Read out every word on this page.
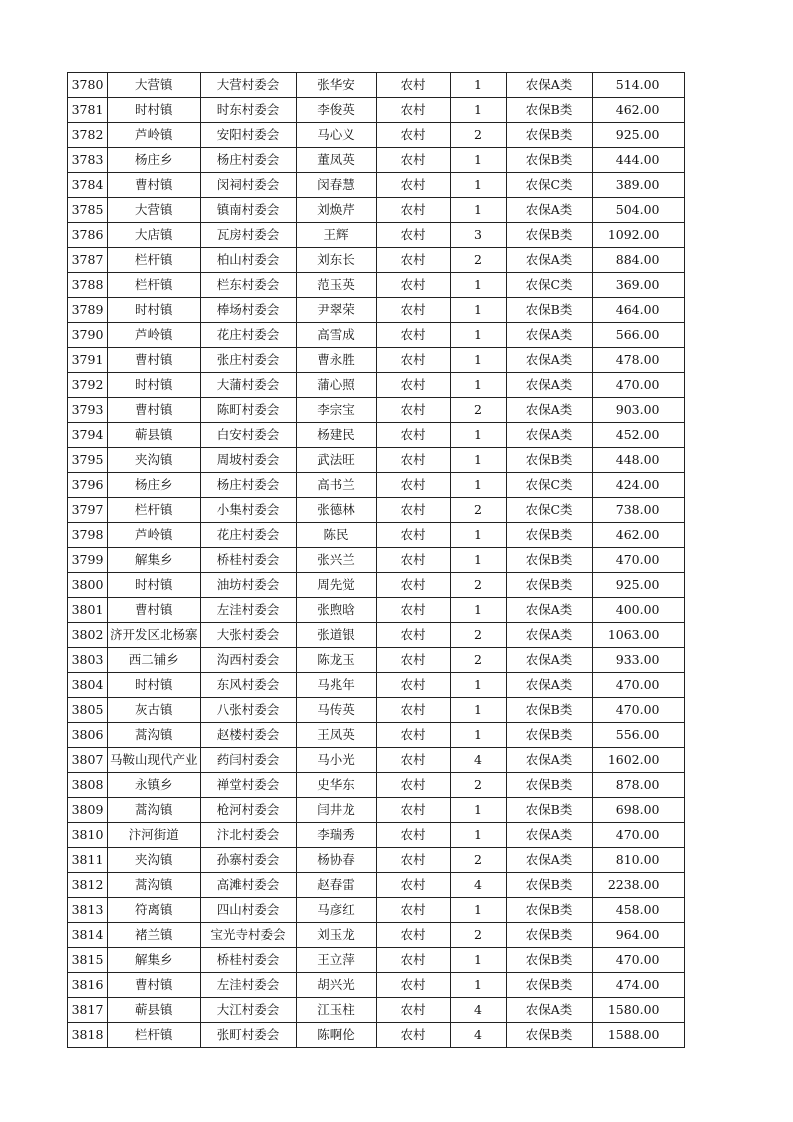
3780	大营镇	大营村委会	张华安	农村	1	农保A类	514.00
3781	时村镇	时东村委会	李俊英	农村	1	农保B类	462.00
3782	芦岭镇	安阳村委会	马心义	农村	2	农保B类	925.00
3783	杨庄乡	杨庄村委会	董凤英	农村	1	农保B类	444.00
3784	曹村镇	闵祠村委会	闵春慧	农村	1	农保C类	389.00
3785	大营镇	镇南村委会	刘焕芹	农村	1	农保A类	504.00
3786	大店镇	瓦房村委会	王辉	农村	3	农保B类	1092.00
3787	栏杆镇	柏山村委会	刘东长	农村	2	农保A类	884.00
3788	栏杆镇	栏东村委会	范玉英	农村	1	农保C类	369.00
3789	时村镇	棒场村委会	尹翠荣	农村	1	农保B类	464.00
3790	芦岭镇	花庄村委会	高雪成	农村	1	农保A类	566.00
3791	曹村镇	张庄村委会	曹永胜	农村	1	农保A类	478.00
3792	时村镇	大蒲村委会	蒲心照	农村	1	农保A类	470.00
3793	曹村镇	陈町村委会	李宗宝	农村	2	农保A类	903.00
3794	蕲县镇	白安村委会	杨建民	农村	1	农保A类	452.00
3795	夹沟镇	周坡村委会	武法旺	农村	1	农保B类	448.00
3796	杨庄乡	杨庄村委会	高书兰	农村	1	农保C类	424.00
3797	栏杆镇	小集村委会	张德林	农村	2	农保C类	738.00
3798	芦岭镇	花庄村委会	陈民	农村	1	农保B类	462.00
3799	解集乡	桥桂村委会	张兴兰	农村	1	农保B类	470.00
3800	时村镇	油坊村委会	周先觉	农村	2	农保B类	925.00
3801	曹村镇	左洼村委会	张煦晗	农村	1	农保A类	400.00
3802	济开发区北杨寨	大张村委会	张道银	农村	2	农保A类	1063.00
3803	西二铺乡	沟西村委会	陈龙玉	农村	2	农保A类	933.00
3804	时村镇	东风村委会	马兆年	农村	1	农保A类	470.00
3805	灰古镇	八张村委会	马传英	农村	1	农保B类	470.00
3806	蒿沟镇	赵楼村委会	王凤英	农村	1	农保B类	556.00
3807	马鞍山现代产业	药闫村委会	马小光	农村	4	农保A类	1602.00
3808	永镇乡	禅堂村委会	史华东	农村	2	农保B类	878.00
3809	蒿沟镇	枪河村委会	闫井龙	农村	1	农保B类	698.00
3810	汴河街道	汴北村委会	李瑞秀	农村	1	农保A类	470.00
3811	夹沟镇	孙寨村委会	杨协春	农村	2	农保A类	810.00
3812	蒿沟镇	高滩村委会	赵春雷	农村	4	农保B类	2238.00
3813	符离镇	四山村委会	马彦红	农村	1	农保B类	458.00
3814	褚兰镇	宝光寺村委会	刘玉龙	农村	2	农保B类	964.00
3815	解集乡	桥桂村委会	王立萍	农村	1	农保B类	470.00
3816	曹村镇	左洼村委会	胡兴光	农村	1	农保B类	474.00
3817	蕲县镇	大江村委会	江玉柱	农村	4	农保A类	1580.00
3818	栏杆镇	张町村委会	陈啊伦	农村	4	农保B类	1588.00
